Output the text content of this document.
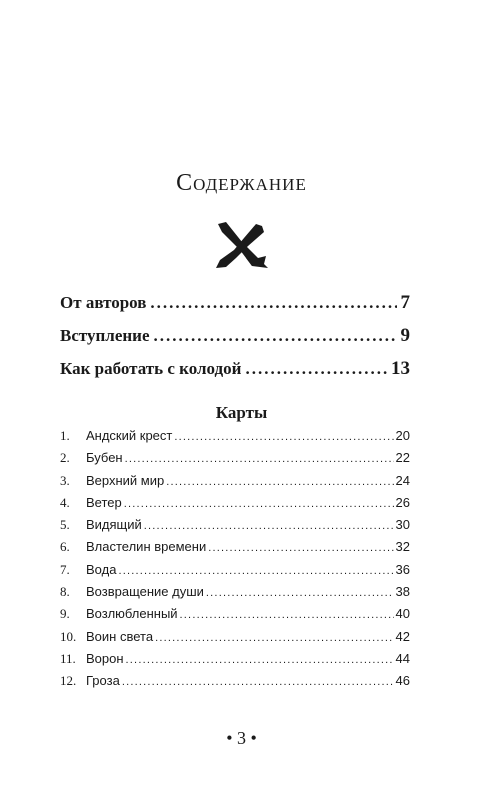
Содержание
От авторов .....	7
Вступление .....	9
Как работать с колодой .....	13
Карты
1.	Андский крест .....	20
2.	Бубен .....	22
3.	Верхний мир .....	24
4.	Ветер .....	26
5.	Видящий .....	30
6.	Властелин времени .....	32
7.	Вода .....	36
8.	Возвращение души .....	38
9.	Возлюбленный .....	40
10. Воин света .....	42
11. Ворон .....	44
12. Гроза .....	46
• 3 •
